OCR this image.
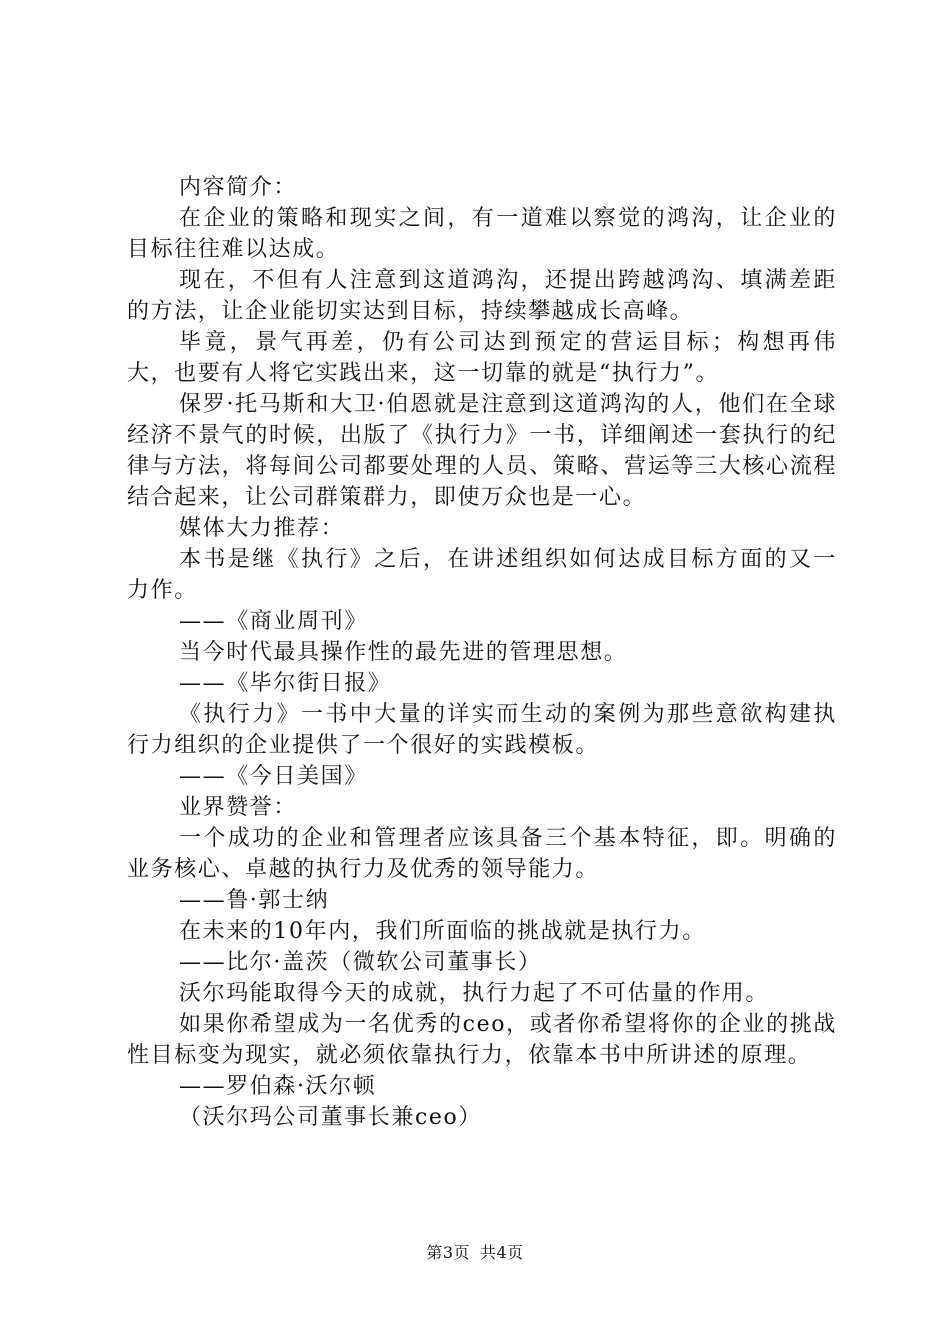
内容简介：

在企业的策略和现实之间，有一道难以察觉的鸿沟，让企业的目标往往难以达成。

现在，不但有人注意到这道鸿沟，还提出跨越鸿沟、填满差距的方法，让企业能切实达到目标，持续攀越成长高峰。

毕竟，景气再差，仍有公司达到预定的营运目标；构想再伟大，也要有人将它实践出来，这一切靠的就是“执行力”。

保罗·托马斯和大卫·伯恩就是注意到这道鸿沟的人，他们在全球经济不景气的时候，出版了《执行力》一书，详细阐述一套执行的纪律与方法，将每间公司都要处理的人员、策略、营运等三大核心流程结合起来，让公司群策群力，即使万众也是一心。

媒体大力推荐：

本书是继《执行》之后，在讲述组织如何达成目标方面的又一力作。

——《商业周刊》

当今时代最具操作性的最先进的管理思想。

——《毕尔街日报》

《执行力》一书中大量的详实而生动的案例为那些意欲构建执行力组织的企业提供了一个很好的实践模板。

——《今日美国》

业界赞誉：

一个成功的企业和管理者应该具备三个基本特征，即。明确的业务核心、卓越的执行力及优秀的领导能力。

——鲁·郭士纳

在未来的10年内，我们所面临的挑战就是执行力。

——比尔·盖茨（微软公司董事长）

沃尔玛能取得今天的成就，执行力起了不可估量的作用。

如果你希望成为一名优秀的ceo，或者你希望将你的企业的挑战性目标变为现实，就必须依靠执行力，依靠本书中所讲述的原理。

——罗伯森·沃尔顿

（沃尔玛公司董事长兼ceo）

第3页 共4页
